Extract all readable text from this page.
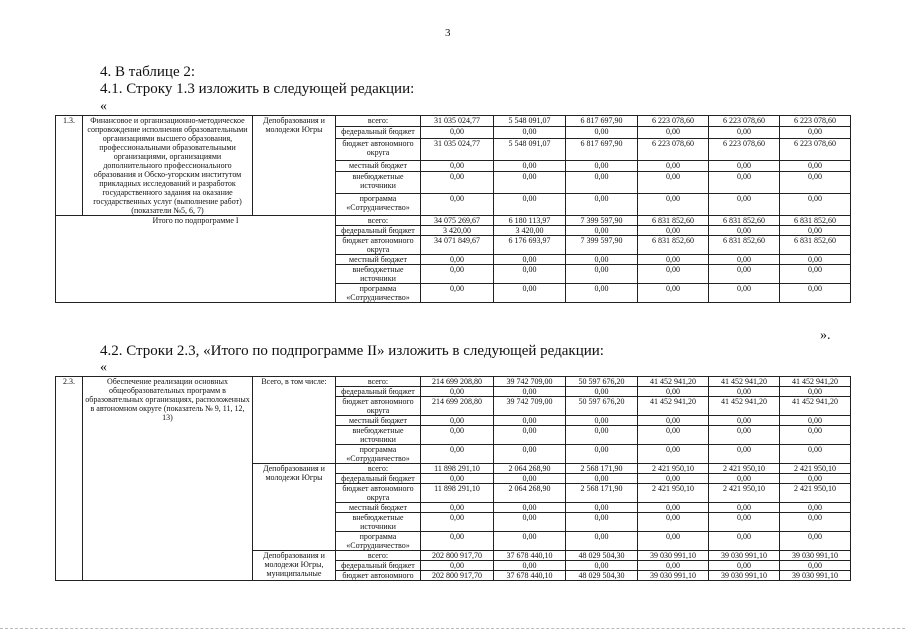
3
4. В таблице 2:
4.1. Строку 1.3 изложить в следующей редакции:
«
1.3.	Финансовое и организационно-методическое сопровождение исполнения образовательными организациями высшего образования, профессиональными образовательными организациями, организациями дополнительного профессионального образования и Обско-угорским институтом прикладных исследований и разработок государственного задания на оказание государственных услуг (выполнение работ) (показатели №5, 6, 7)	Депобразования и молодежи Югры	всего:	31 035 024,77	5 548 091,07	6 817 697,90	6 223 078,60	6 223 078,60	6 223 078,60
			федеральный бюджет	0,00	0,00	0,00	0,00	0,00	0,00
			бюджет автономного округа	31 035 024,77	5 548 091,07	6 817 697,90	6 223 078,60	6 223 078,60	6 223 078,60
			местный бюджет	0,00	0,00	0,00	0,00	0,00	0,00
			внебюджетные источники	0,00	0,00	0,00	0,00	0,00	0,00
			программа «Сотрудничество»	0,00	0,00	0,00	0,00	0,00	0,00
Итого по подпрограмме I			всего:	34 075 269,67	6 180 113,97	7 399 597,90	6 831 852,60	6 831 852,60	6 831 852,60
			федеральный бюджет	3 420,00	3 420,00	0,00	0,00	0,00	0,00
			бюджет автономного округа	34 071 849,67	6 176 693,97	7 399 597,90	6 831 852,60	6 831 852,60	6 831 852,60
			местный бюджет	0,00	0,00	0,00	0,00	0,00	0,00
			внебюджетные источники	0,00	0,00	0,00	0,00	0,00	0,00
			программа «Сотрудничество»	0,00	0,00	0,00	0,00	0,00	0,00
».
4.2. Строки 2.3, «Итого по подпрограмме II» изложить в следующей редакции:
«
2.3.	Обеспечение реализации основных общеобразовательных программ в образовательных организациях, расположенных в автономном округе (показатель № 9, 11, 12, 13)	Всего, в том числе:	всего:	214 699 208,80	39 742 709,00	50 597 676,20	41 452 941,20	41 452 941,20	41 452 941,20
			федеральный бюджет	0,00	0,00	0,00	0,00	0,00	0,00
			бюджет автономного округа	214 699 208,80	39 742 709,00	50 597 676,20	41 452 941,20	41 452 941,20	41 452 941,20
			местный бюджет	0,00	0,00	0,00	0,00	0,00	0,00
			внебюджетные источники	0,00	0,00	0,00	0,00	0,00	0,00
			программа «Сотрудничество»	0,00	0,00	0,00	0,00	0,00	0,00
		Депобразования и молодежи Югры	всего:	11 898 291,10	2 064 268,90	2 568 171,90	2 421 950,10	2 421 950,10	2 421 950,10
			федеральный бюджет	0,00	0,00	0,00	0,00	0,00	0,00
			бюджет автономного округа	11 898 291,10	2 064 268,90	2 568 171,90	2 421 950,10	2 421 950,10	2 421 950,10
			местный бюджет	0,00	0,00	0,00	0,00	0,00	0,00
			внебюджетные источники	0,00	0,00	0,00	0,00	0,00	0,00
			программа «Сотрудничество»	0,00	0,00	0,00	0,00	0,00	0,00
		Депобразования и молодежи Югры, муниципальные	всего:	202 800 917,70	37 678 440,10	48 029 504,30	39 030 991,10	39 030 991,10	39 030 991,10
			федеральный бюджет	0,00	0,00	0,00	0,00	0,00	0,00
			бюджет автономного	202 800 917,70	37 678 440,10	48 029 504,30	39 030 991,10	39 030 991,10	39 030 991,10
